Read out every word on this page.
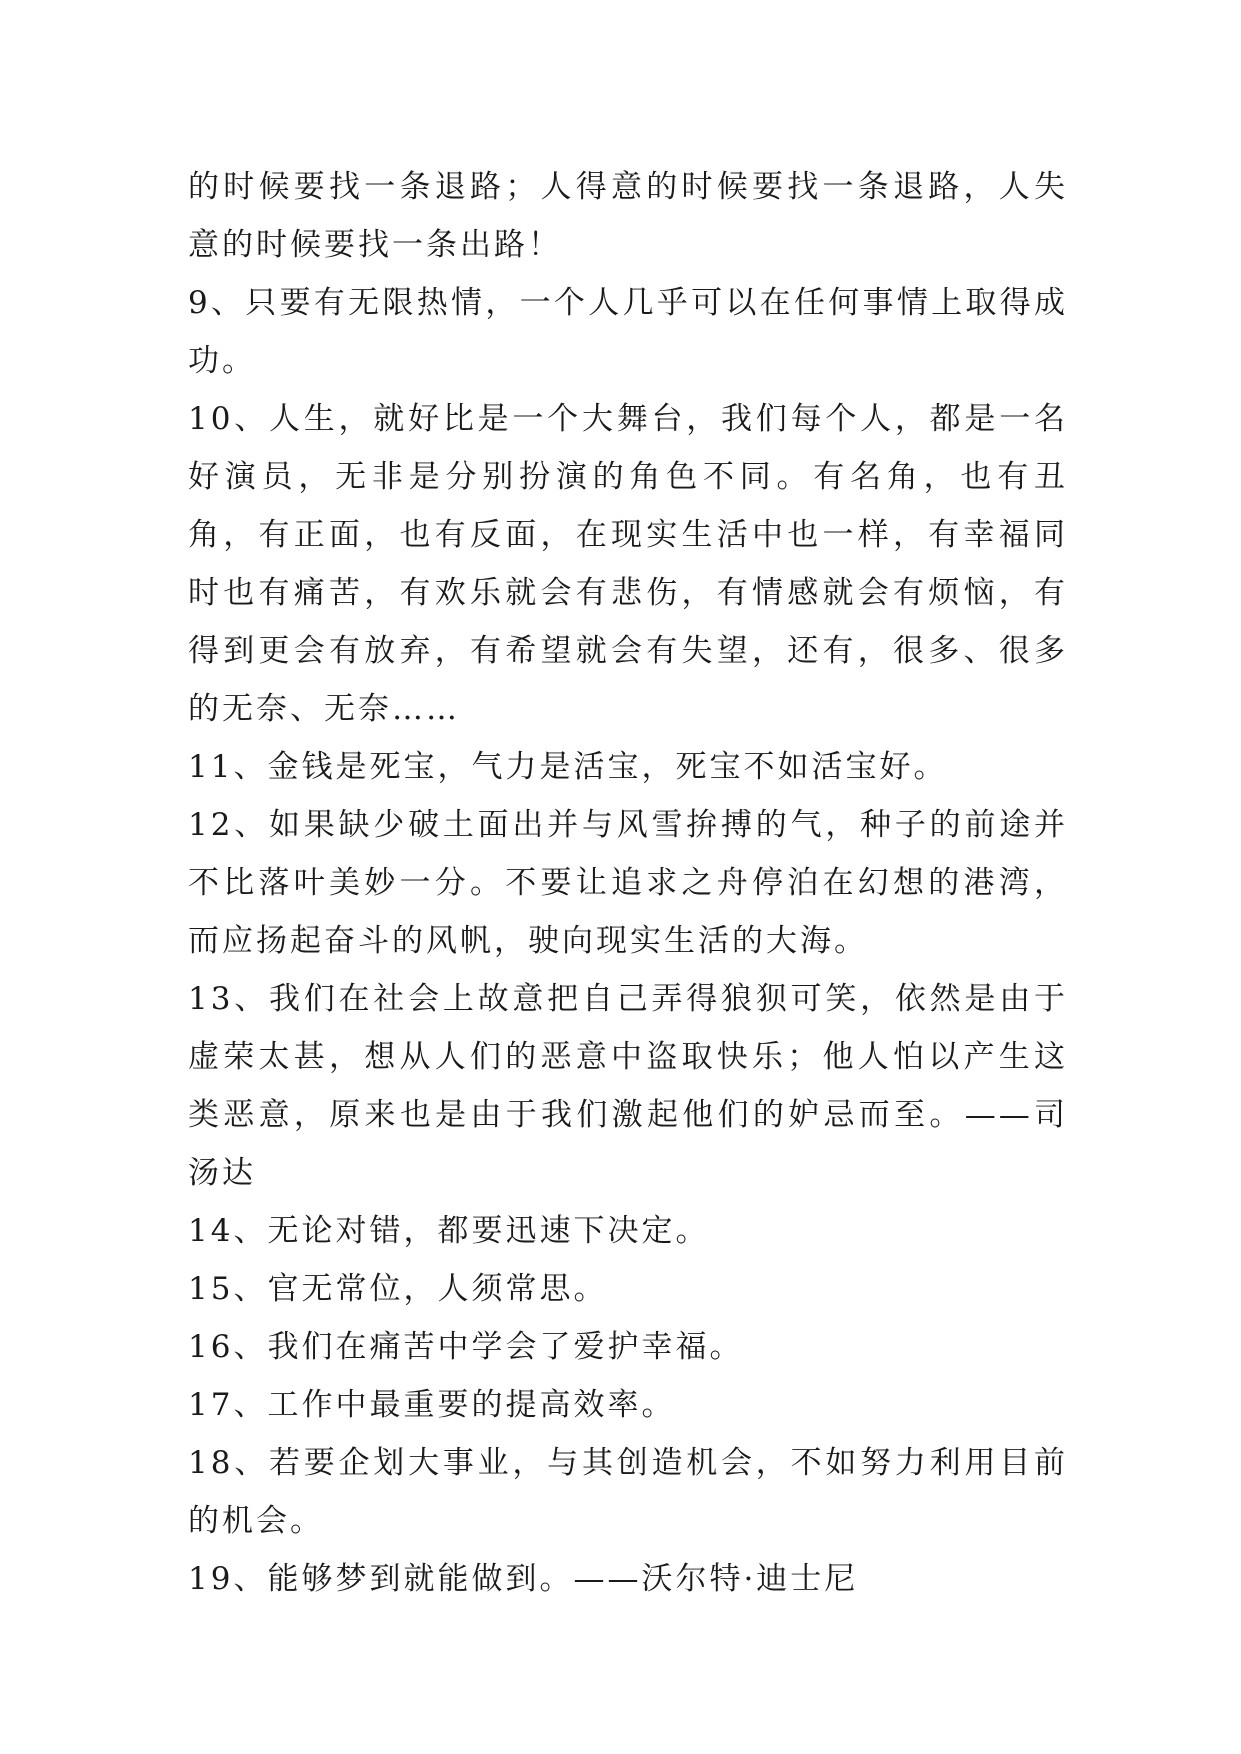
的时候要找一条退路；人得意的时候要找一条退路，人失意的时候要找一条出路！

9、只要有无限热情，一个人几乎可以在任何事情上取得成功。

10、人生，就好比是一个大舞台，我们每个人，都是一名好演员，无非是分别扮演的角色不同。有名角，也有丑角，有正面，也有反面，在现实生活中也一样，有幸福同时也有痛苦，有欢乐就会有悲伤，有情感就会有烦恼，有得到更会有放弃，有希望就会有失望，还有，很多、很多的无奈、无奈……

11、金钱是死宝，气力是活宝，死宝不如活宝好。

12、如果缺少破土面出并与风雪拚搏的气，种子的前途并不比落叶美妙一分。不要让追求之舟停泊在幻想的港湾，而应扬起奋斗的风帆，驶向现实生活的大海。

13、我们在社会上故意把自己弄得狼狈可笑，依然是由于虚荣太甚，想从人们的恶意中盗取快乐；他人怕以产生这类恶意，原来也是由于我们激起他们的妒忌而至。——司汤达

14、无论对错，都要迅速下决定。

15、官无常位，人须常思。

16、我们在痛苦中学会了爱护幸福。

17、工作中最重要的提高效率。

18、若要企划大事业，与其创造机会，不如努力利用目前的机会。

19、能够梦到就能做到。——沃尔特·迪士尼
